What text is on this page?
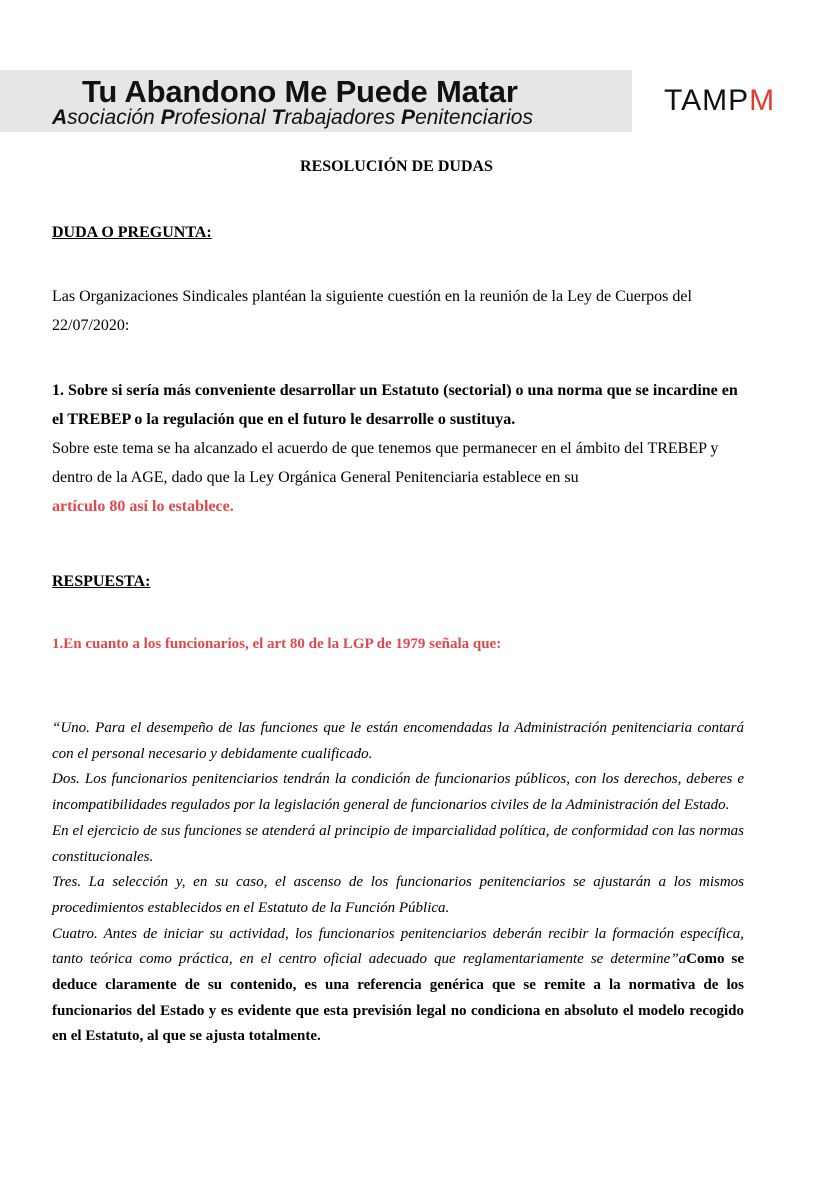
Tu Abandono Me Puede Matar
Asociación Profesional Trabajadores Penitenciarios
TAMPM
RESOLUCIÓN DE DUDAS
DUDA O PREGUNTA:
Las Organizaciones Sindicales plantéan la siguiente cuestión en la reunión de la Ley de Cuerpos del 22/07/2020:
1. Sobre si sería más conveniente desarrollar un Estatuto (sectorial) o una norma que se incardine en el TREBEP o la regulación que en el futuro le desarrolle o sustituya.
Sobre este tema se ha alcanzado el acuerdo de que tenemos que permanecer en el ámbito del TREBEP y dentro de la AGE, dado que la Ley Orgánica General Penitenciaria establece en su
artículo 80 así lo establece.
RESPUESTA:
1.En cuanto a los funcionarios, el art 80 de la LGP de 1979 señala que:
“Uno. Para el desempeño de las funciones que le están encomendadas la Administración penitenciaria contará con el personal necesario y debidamente cualificado.
Dos. Los funcionarios penitenciarios tendrán la condición de funcionarios públicos, con los derechos, deberes e incompatibilidades regulados por la legislación general de funcionarios civiles de la Administración del Estado.
En el ejercicio de sus funciones se atenderá al principio de imparcialidad política, de conformidad con las normas constitucionales.
Tres. La selección y, en su caso, el ascenso de los funcionarios penitenciarios se ajustarán a los mismos procedimientos establecidos en el Estatuto de la Función Pública.
Cuatro. Antes de iniciar su actividad, los funcionarios penitenciarios deberán recibir la formación específica, tanto teórica como práctica, en el centro oficial adecuado que reglamentariamente se determine”aComo se deduce claramente de su contenido, es una referencia genérica que se remite a la normativa de los funcionarios del Estado y es evidente que esta previsión legal no condiciona en absoluto el modelo recogido en el Estatuto, al que se ajusta totalmente.
